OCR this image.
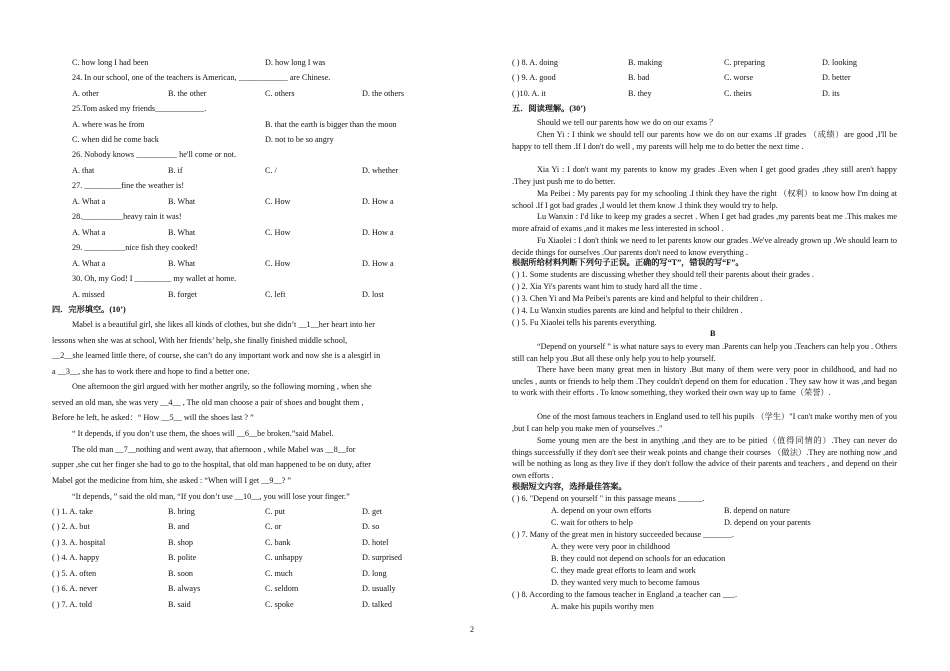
2
C. how long I had been	D. how long I was
24. In our school, one of the teachers is American, ____________ are Chinese.
A. other	B. the other	C. others	D. the others
25.Tom asked my friends____________.
A. where was he from	B. that the earth is bigger than the moon
C. when did he come back	D. not to be so angry
26. Nobody knows __________ he'll come or not.
A. that	B. if	C. /	D. whether
27. _________fine the weather is!
A. What a	B. What	C. How	D. How a
28.__________heavy rain it was!
A. What a	B. What	C. How	D. How a
29. __________nice fish they cooked!
A. What a	B. What	C. How	D. How a
30. Oh, my God! I _________ my wallet at home.
A. missed	B. forget	C. left	D. lost
四．完形填空。(10’)
Mabel is a beautiful girl, she likes all kinds of clothes, but she didn’t __1__her heart into her
lessons when she was at school, With her friends’ help, she finally finished middle school,
__2__she learned little there, of course, she can’t do any important work and now she is a alesgirl in
a __3__, she has to work there and hope to find a better one.
One afternoon the girl argued with her mother angrily, so the following morning , when she
served an old man, she was very __4__ , The old man choose a pair of shoes and bought them ,
Before he left, he asked：“ How __5__ will the shoes last ? ”
“ It depends, if you don’t use them, the shoes will __6__be broken.”said Mabel.
The old man __7__nothing and went away, that afternoon , while Mabel was __8__for
supper ,she cut her finger she had to go to the hospital, that old man happened to be on duty, after
Mabel got the medicine from him, she asked : “When will I get __9__? ”
“It depends，” said the old man, “If you don’t use __10__, you will lose your finger.”
( ) 1. A. take	B. bring	C. put	D. get
( ) 2. A. but	B. and	C. or	D. so
( ) 3. A. hospital	B. shop	C. bank	D. hotel
( ) 4. A. happy	B. polite	C. unhappy	D. surprised
( ) 5. A. often	B. soon	C. much	D. long
( ) 6. A. never	B. always	C. seldom	D. usually
( ) 7. A. told	B. said	C. spoke	D. talked
( ) 8. A. doing	B. making	C. preparing	D. looking
( ) 9. A. good	B. bad	C. worse	D. better
( )10. A. it	B. they	C. theirs	D. its
五．阅读理解。(30’)
Should we tell our parents how we do on our exams ？
Chen Yi : I think we should tell our parents how we do on our exams .If grades （成绩）are good ,I'll be happy to tell them .If I don't do well , my parents will help me to do better the next time .
Xia Yi : I don't want my parents to know my grades .Even when I get good grades ,they still aren't happy .They just push me to do better.
Ma Peibei : My parents pay for my schooling .I think they have the right （权利）to know how I'm doing at school .If I got bad grades ,I would let them know .I think they would try to help.
Lu Wanxin : I'd like to keep my grades a secret . When I get bad grades ,my parents beat me .This makes me more afraid of exams ,and it makes me less interested in school .
Fu Xiaolei : I don't think we need to let parents know our grades .We've already grown up .We should learn to decide things for ourselves .Our parents don't need to know everything .
根据所给材料判断下列句子正误。正确的写“T”，错误的写“F”。
( ) 1. Some students are discussing whether they should tell their parents about their grades .
( ) 2. Xia Yi's parents want him to study hard all the time .
( ) 3. Chen Yi and Ma Peibei's parents are kind and helpful to their children .
( ) 4. Lu Wanxin studies parents are kind and helpful to their children .
( ) 5. Fu Xiaolei tells his parents everything.
B
“Depend on yourself ” is what nature says to every man .Parents can help you .Teachers can help you . Others still can help you .But all these only help you to help yourself.
There have been many great men in history .But many of them were very poor in childhood, and had no uncles , aunts or friends to help them .They couldn't depend on them for education . They saw how it was ,and began to work with their efforts . To know something, they worked their own way up to fame（荣誉）.
One of the most famous teachers in England used to tell his pupils （学生）"I can't make worthy men of you ,but I can help you make men of yourselves ."
Some young men are the best in anything ,and they are to be pitied（值得同情的）.They can never do things successfully if they don't see their weak points and change their courses （做法）.They are nothing now ,and will be nothing as long as they live if they don't follow the advice of their parents and teachers , and depend on their own efforts .
根据短文内容，选择最佳答案。
( ) 6. "Depend on yourself " in this passage means ______.
A. depend on your own efforts	B. depend on nature
C. wait for others to help	D. depend on your parents
( ) 7. Many of the great men in history succeeded because _______.
A. they were very poor in childhood
B. they could not depend on schools for an education
C. they made great efforts to learn and work
D. they wanted very much to become famous
( ) 8. According to the famous teacher in England ,a teacher can ___.
A. make his pupils worthy men
